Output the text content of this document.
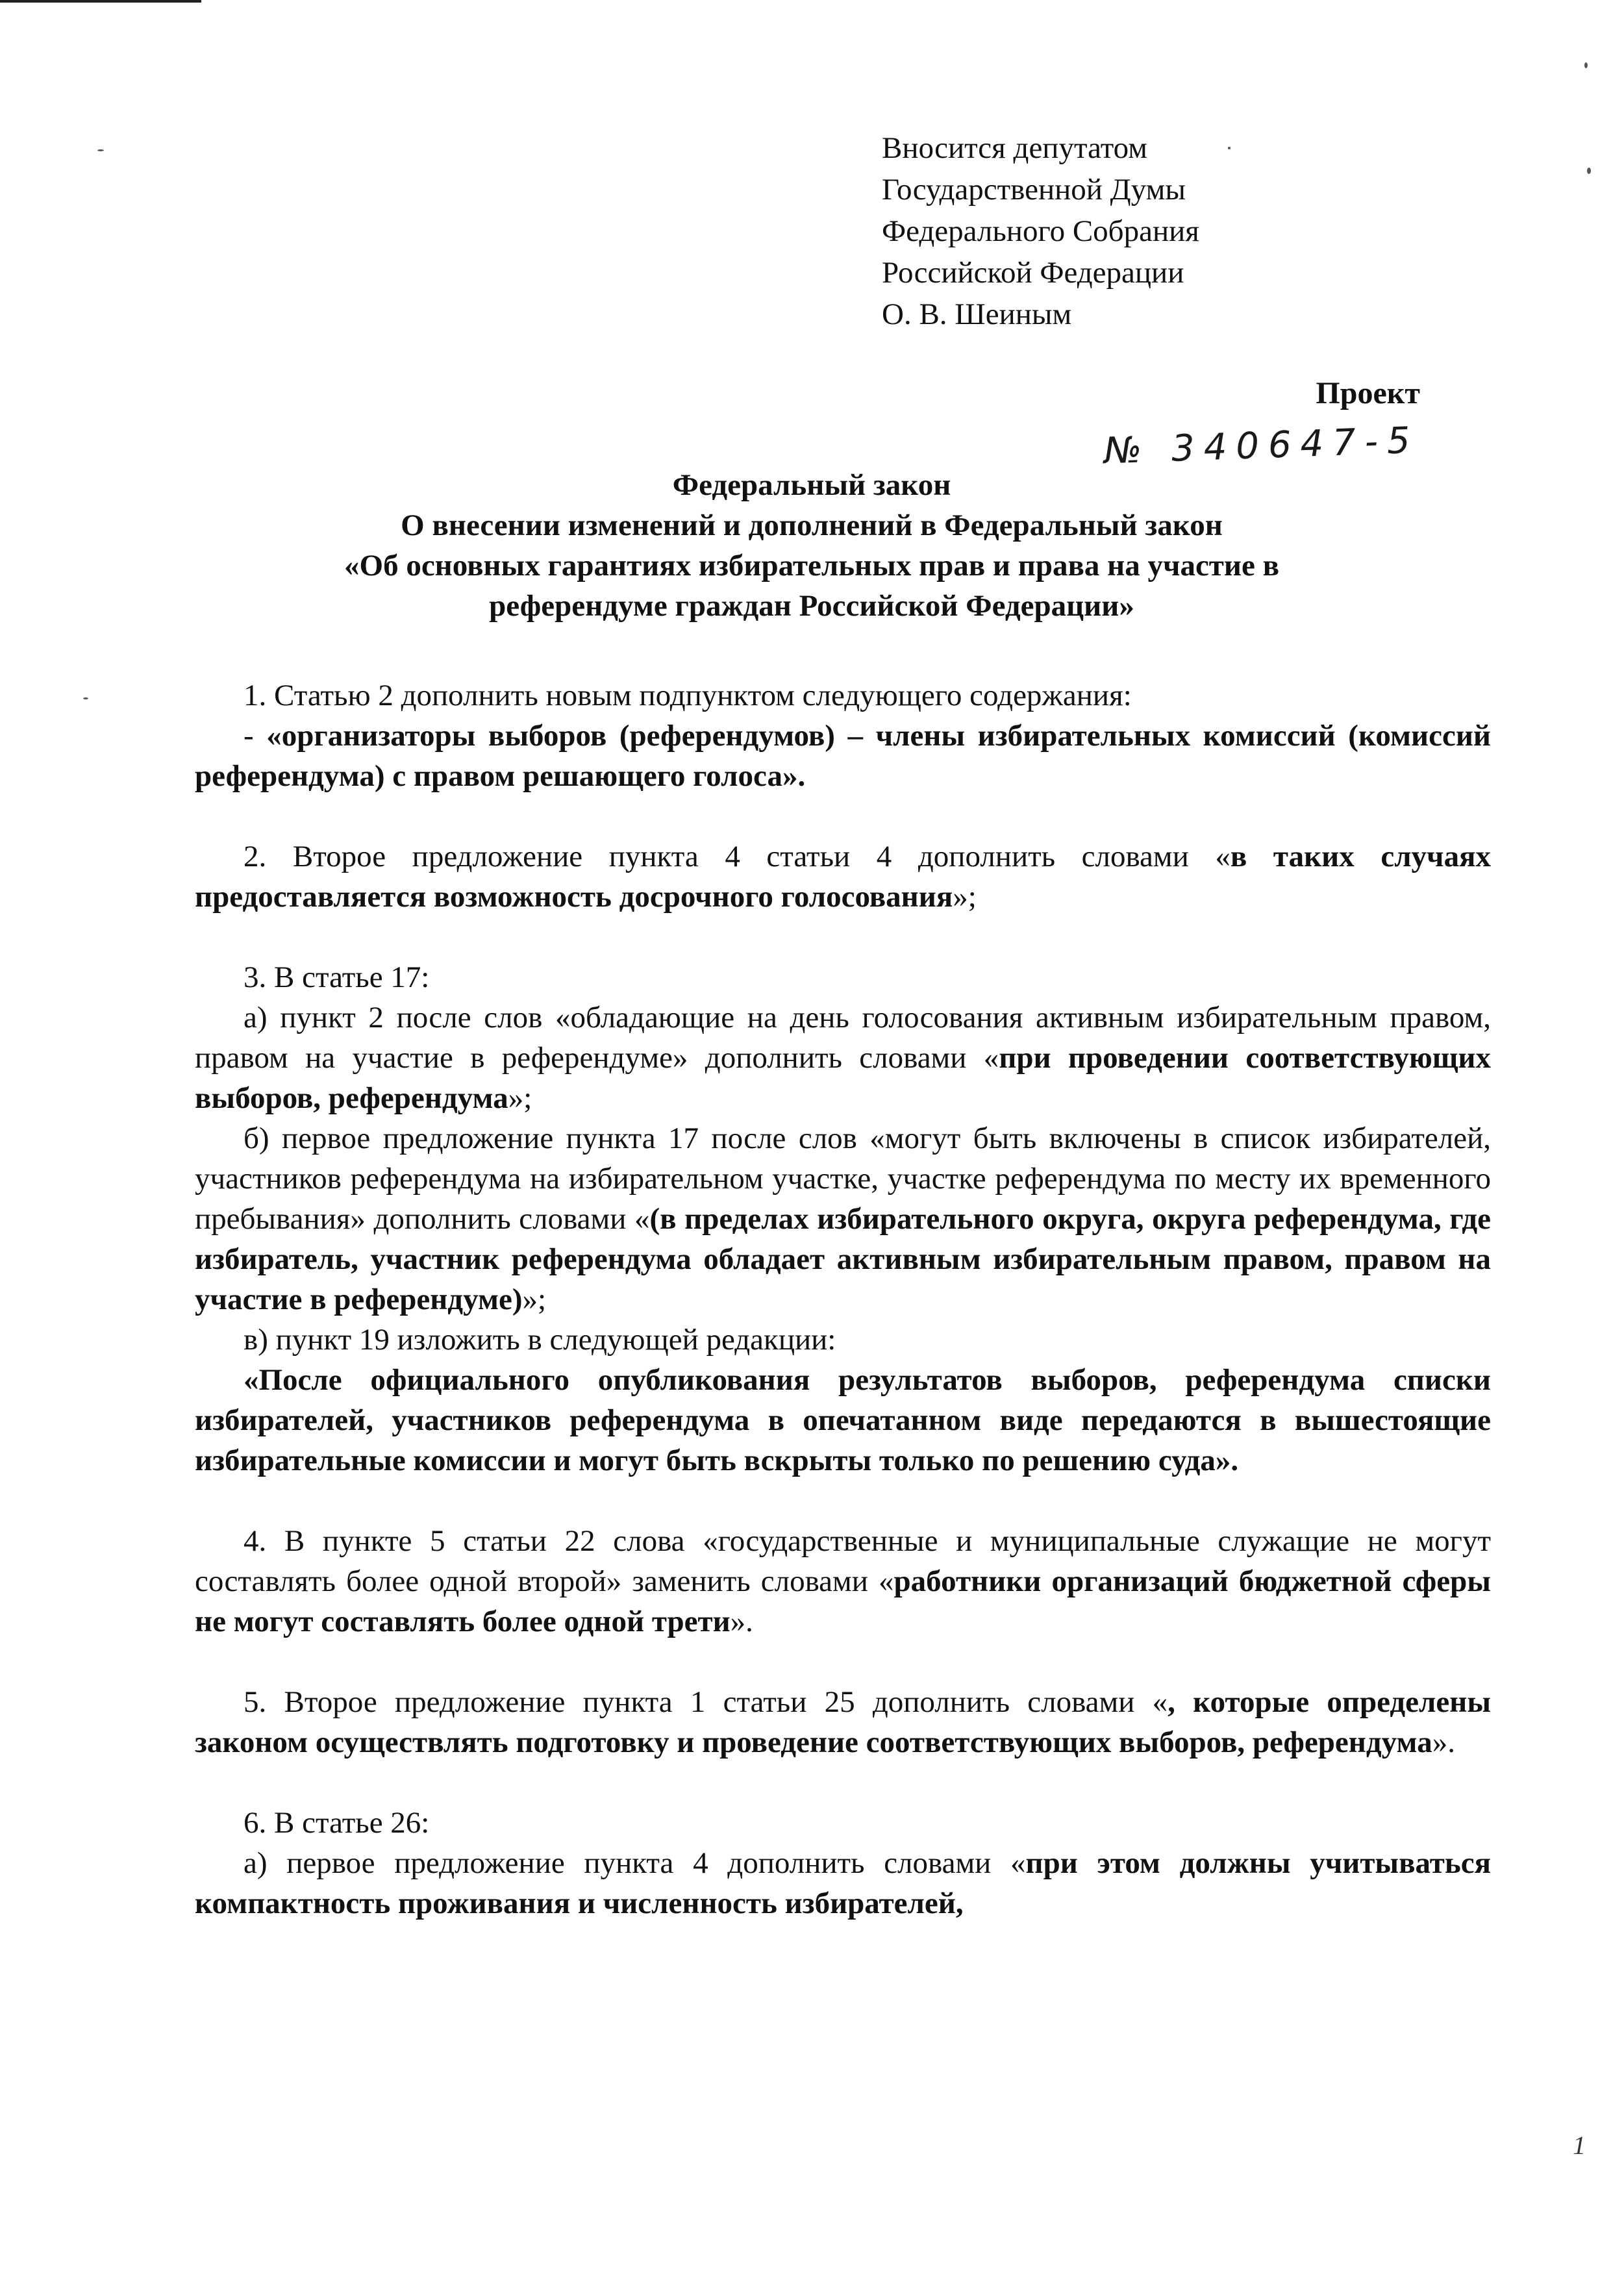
Вносится депутатом
Государственной Думы
Федерального Собрания
Российской Федерации
О. В. Шеиным
Проект
№ 340647-5
Федеральный закон
О внесении изменений и дополнений в Федеральный закон
«Об основных гарантиях избирательных прав и права на участие в
референдуме граждан Российской Федерации»

1. Статью 2 дополнить новым подпунктом следующего содержания:

- «организаторы выборов (референдумов) – члены избирательных комиссий (комиссий референдума) с правом решающего голоса».

2. Второе предложение пункта 4 статьи 4 дополнить словами «в таких случаях предоставляется возможность досрочного голосования»;

3. В статье 17:

а) пункт 2 после слов «обладающие на день голосования активным избирательным правом, правом на участие в референдуме» дополнить словами «при проведении соответствующих выборов, референдума»;

б) первое предложение пункта 17 после слов «могут быть включены в список избирателей, участников референдума на избирательном участке, участке референдума по месту их временного пребывания» дополнить словами «(в пределах избирательного округа, округа референдума, где избиратель, участник референдума обладает активным избирательным правом, правом на участие в референдуме)»;

в) пункт 19 изложить в следующей редакции:

«После официального опубликования результатов выборов, референдума списки избирателей, участников референдума в опечатанном виде передаются в вышестоящие избирательные комиссии и могут быть вскрыты только по решению суда».

4. В пункте 5 статьи 22 слова «государственные и муниципальные служащие не могут составлять более одной второй» заменить словами «работники организаций бюджетной сферы не могут составлять более одной трети».

5. Второе предложение пункта 1 статьи 25 дополнить словами «, которые определены законом осуществлять подготовку и проведение соответствующих выборов, референдума».

6. В статье 26:

а) первое предложение пункта 4 дополнить словами «при этом должны учитываться компактность проживания и численность избирателей,

1
